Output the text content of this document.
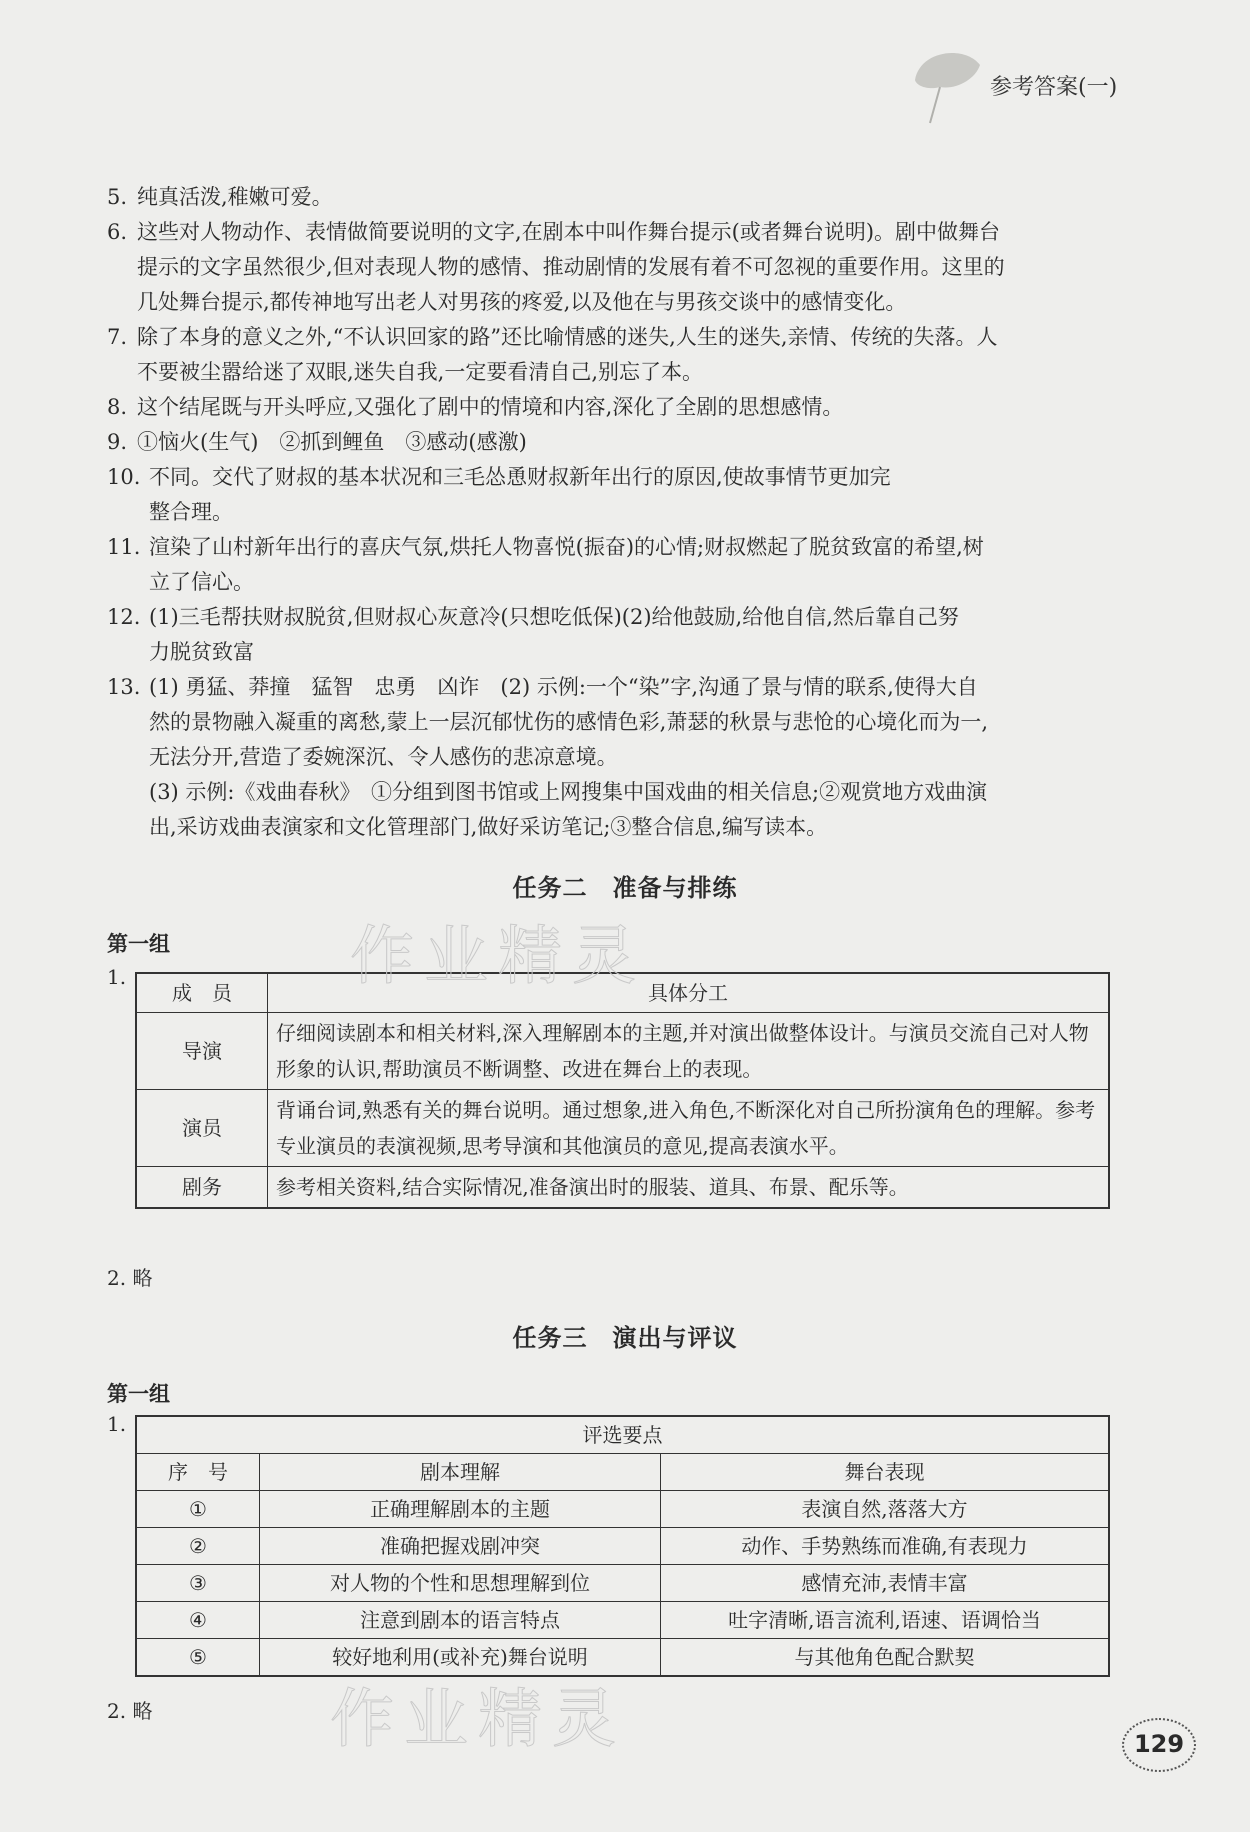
参考答案(一)
5. 纯真活泼,稚嫩可爱。
6. 这些对人物动作、表情做简要说明的文字,在剧本中叫作舞台提示(或者舞台说明)。剧中做舞台
提示的文字虽然很少,但对表现人物的感情、推动剧情的发展有着不可忽视的重要作用。这里的
几处舞台提示,都传神地写出老人对男孩的疼爱,以及他在与男孩交谈中的感情变化。
7. 除了本身的意义之外,“不认识回家的路”还比喻情感的迷失,人生的迷失,亲情、传统的失落。人
不要被尘嚣给迷了双眼,迷失自我,一定要看清自己,别忘了本。
8. 这个结尾既与开头呼应,又强化了剧中的情境和内容,深化了全剧的思想感情。
9. ①恼火(生气)　②抓到鲤鱼　③感动(感激)
10. 不同。交代了财叔的基本状况和三毛怂恿财叔新年出行的原因,使故事情节更加完
整合理。
11. 渲染了山村新年出行的喜庆气氛,烘托人物喜悦(振奋)的心情;财叔燃起了脱贫致富的希望,树
立了信心。
12. (1)三毛帮扶财叔脱贫,但财叔心灰意冷(只想吃低保)(2)给他鼓励,给他自信,然后靠自己努
力脱贫致富
13. (1) 勇猛、莽撞　猛智　忠勇　凶诈　(2) 示例:一个“染”字,沟通了景与情的联系,使得大自
然的景物融入凝重的离愁,蒙上一层沉郁忧伤的感情色彩,萧瑟的秋景与悲怆的心境化而为一,
无法分开,营造了委婉深沉、令人感伤的悲凉意境。
(3) 示例:《戏曲春秋》　①分组到图书馆或上网搜集中国戏曲的相关信息;②观赏地方戏曲演
出,采访戏曲表演家和文化管理部门,做好采访笔记;③整合信息,编写读本。
任务二　准备与排练
第一组
1.
成　员	具体分工
导演	仔细阅读剧本和相关材料,深入理解剧本的主题,并对演出做整体设计。与演员交流自己对人物形象的认识,帮助演员不断调整、改进在舞台上的表现。
演员	背诵台词,熟悉有关的舞台说明。通过想象,进入角色,不断深化对自己所扮演角色的理解。参考专业演员的表演视频,思考导演和其他演员的意见,提高表演水平。
剧务	参考相关资料,结合实际情况,准备演出时的服装、道具、布景、配乐等。
2. 略
任务三　演出与评议
第一组
1.	评选要点		
序　号	剧本理解	舞台表现
①	正确理解剧本的主题	表演自然,落落大方
②	准确把握戏剧冲突	动作、手势熟练而准确,有表现力
③	对人物的个性和思想理解到位	感情充沛,表情丰富
④	注意到剧本的语言特点	吐字清晰,语言流利,语速、语调恰当
⑤	较好地利用(或补充)舞台说明	与其他角色配合默契
2. 略
作业精灵
作业精灵	129
